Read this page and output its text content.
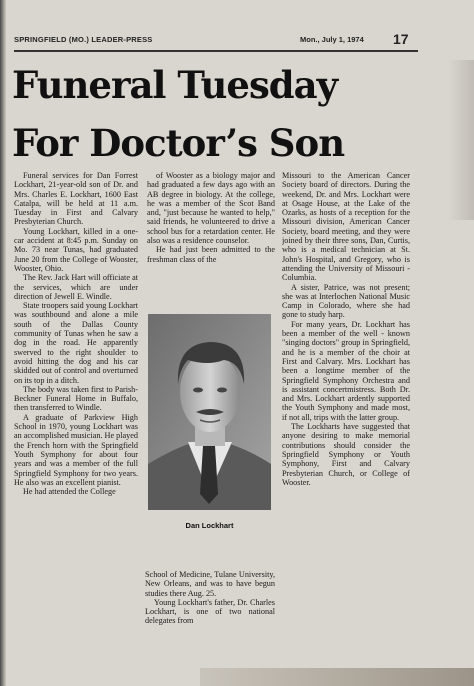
SPRINGFIELD (MO.) LEADER-PRESS	Mon., July 1, 1974 17
Funeral Tuesday
For Doctor’s Son

Funeral services for Dan Forrest Lockhart, 21-year-old son of Dr. and Mrs. Charles E. Lockhart, 1600 East Catalpa, will be held at 11 a.m. Tuesday in First and Calvary Presbyterian Church.

Young Lockhart, killed in a one-car accident at 8:45 p.m. Sunday on Mo. 73 near Tunas, had graduated June 20 from the College of Wooster, Wooster, Ohio.

The Rev. Jack Hart will officiate at the services, which are under direction of Jewell E. Windle.

State troopers said young Lockhart was southbound and alone a mile south of the Dallas County community of Tunas when he saw a dog in the road. He apparently swerved to the right shoulder to avoid hitting the dog and his car skidded out of control and overturned on its top in a ditch.

The body was taken first to Parish-Beckner Funeral Home in Buffalo, then transferred to Windle.

A graduate of Parkview High School in 1970, young Lockhart was an accomplished musician. He played the French horn with the Springfield Youth Symphony for about four years and was a member of the full Springfield Symphony for two years. He also was an excellent pianist.

He had attended the College

of Wooster as a biology major and had graduated a few days ago with an AB degree in biology. At the college, he was a member of the Scot Band and, "just because he wanted to help," said friends, he volunteered to drive a school bus for a retardation center. He also was a residence counselor.

He had just been admitted to the freshman class of the

Dan Lockhart

School of Medicine, Tulane University, New Orleans, and was to have begun studies there Aug. 25.

Young Lockhart's father, Dr. Charles Lockhart, is one of two national delegates from

Missouri to the American Cancer Society board of directors. During the weekend, Dr. and Mrs. Lockhart were at Osage House, at the Lake of the Ozarks, as hosts of a reception for the Missouri division, American Cancer Society, board meeting, and they were joined by their three sons, Dan, Curtis, who is a medical technician at St. John's Hospital, and Gregory, who is attending the University of Missouri - Columbia.

A sister, Patrice, was not present; she was at Interlochen National Music Camp in Colorado, where she had gone to study harp.

For many years, Dr. Lockhart has been a member of the well - known "singing doctors" group in Springfield, and he is a member of the choir at First and Calvary. Mrs. Lockhart has been a longtime member of the Springfield Symphony Orchestra and is assistant concertmistress. Both Dr. and Mrs. Lockhart ardently supported the Youth Symphony and made most, if not all, trips with the latter group.

The Lockharts have suggested that anyone desiring to make memorial contributions should consider the Springfield Symphony or Youth Symphony, First and Calvary Presbyterian Church, or College of Wooster.
